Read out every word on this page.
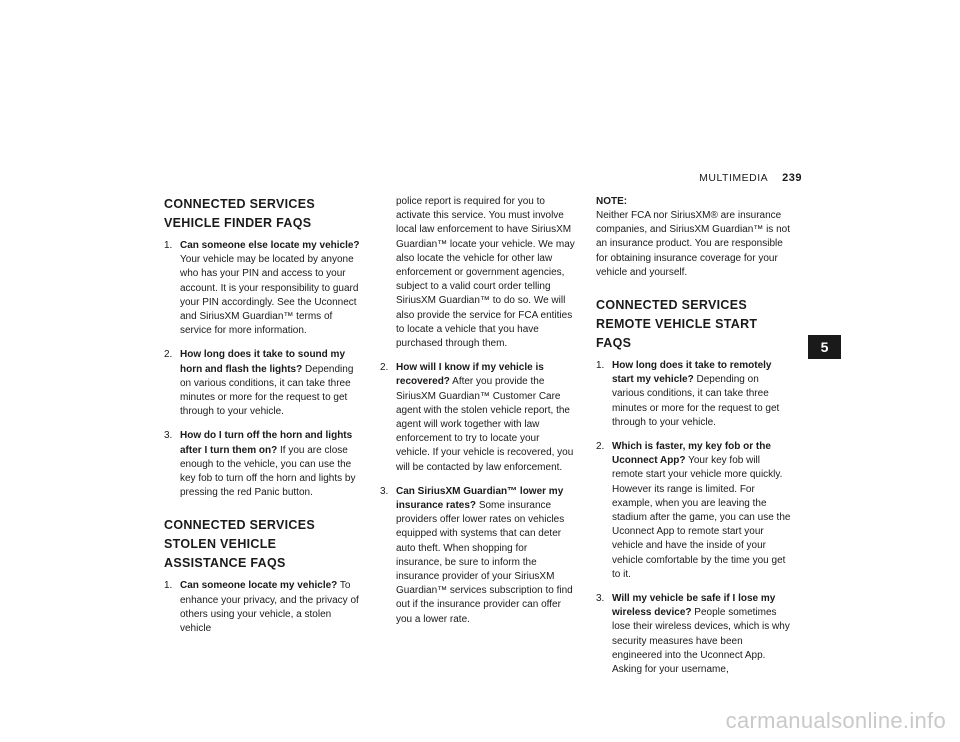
MULTIMEDIA 239
5
CONNECTED SERVICES VEHICLE FINDER FAQS
1. Can someone else locate my vehicle? Your vehicle may be located by anyone who has your PIN and access to your account. It is your responsibility to guard your PIN accordingly. See the Uconnect and SiriusXM Guardian™ terms of service for more information.
2. How long does it take to sound my horn and flash the lights? Depending on various conditions, it can take three minutes or more for the request to get through to your vehicle.
3. How do I turn off the horn and lights after I turn them on? If you are close enough to the vehicle, you can use the key fob to turn off the horn and lights by pressing the red Panic button.
CONNECTED SERVICES STOLEN VEHICLE ASSISTANCE FAQS
1. Can someone locate my vehicle? To enhance your privacy, and the privacy of others using your vehicle, a stolen vehicle
police report is required for you to activate this service. You must involve local law enforcement to have SiriusXM Guardian™ locate your vehicle. We may also locate the vehicle for other law enforcement or government agencies, subject to a valid court order telling SiriusXM Guardian™ to do so. We will also provide the service for FCA entities to locate a vehicle that you have purchased through them.
2. How will I know if my vehicle is recovered? After you provide the SiriusXM Guardian™ Customer Care agent with the stolen vehicle report, the agent will work together with law enforcement to try to locate your vehicle. If your vehicle is recovered, you will be contacted by law enforcement.
3. Can SiriusXM Guardian™ lower my insurance rates? Some insurance providers offer lower rates on vehicles equipped with systems that can deter auto theft. When shopping for insurance, be sure to inform the insurance provider of your SiriusXM Guardian™ services subscription to find out if the insurance provider can offer you a lower rate.
NOTE:

Neither FCA nor SiriusXM® are insurance companies, and SiriusXM Guardian™ is not an insurance product. You are responsible for obtaining insurance coverage for your vehicle and yourself.

CONNECTED SERVICES REMOTE VEHICLE START FAQS
1. How long does it take to remotely start my vehicle? Depending on various conditions, it can take three minutes or more for the request to get through to your vehicle.
2. Which is faster, my key fob or the Uconnect App? Your key fob will remote start your vehicle more quickly. However its range is limited. For example, when you are leaving the stadium after the game, you can use the Uconnect App to remote start your vehicle and have the inside of your vehicle comfortable by the time you get to it.
3. Will my vehicle be safe if I lose my wireless device? People sometimes lose their wireless devices, which is why security measures have been engineered into the Uconnect App. Asking for your username,
carmanualsonline.info
